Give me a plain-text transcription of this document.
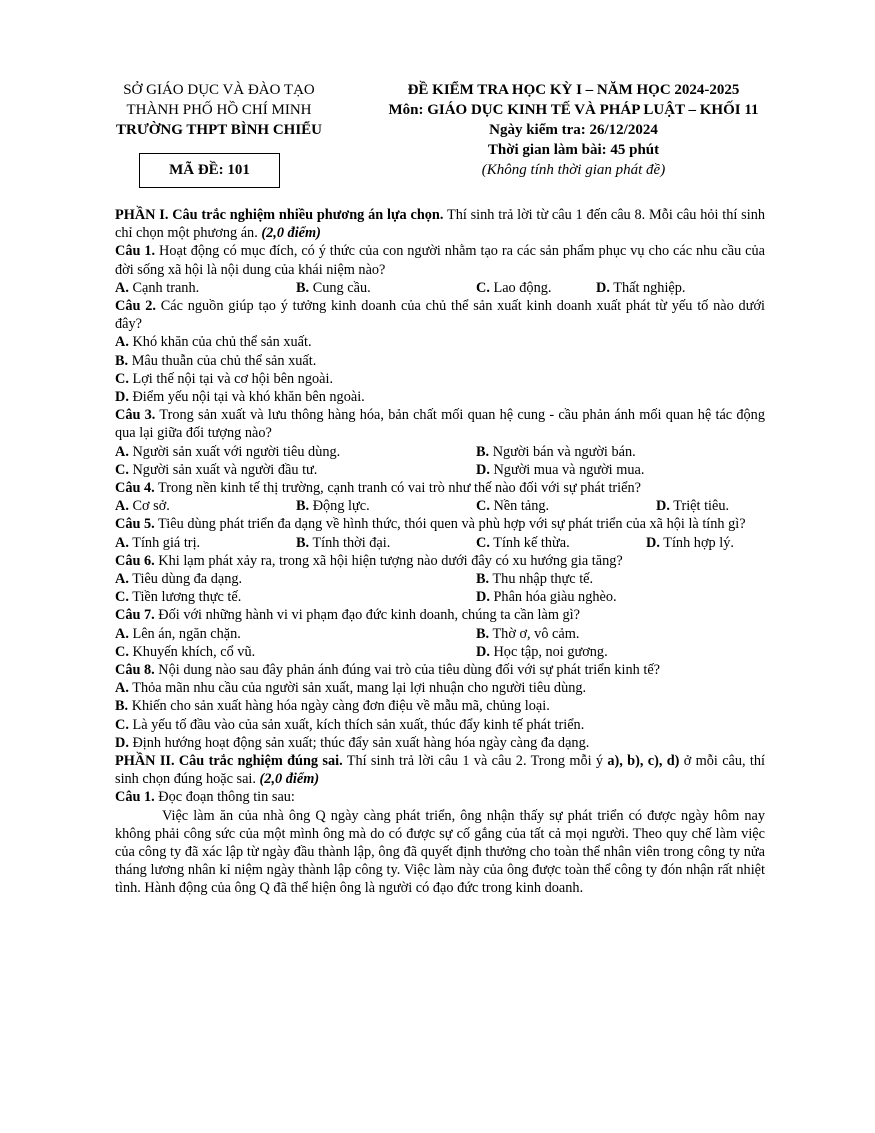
SỞ GIÁO DỤC VÀ ĐÀO TẠO
THÀNH PHỐ HỒ CHÍ MINH
TRƯỜNG THPT BÌNH CHIỂU
MÃ ĐỀ: 101
ĐỀ KIỂM TRA HỌC KỲ I – NĂM HỌC 2024-2025
Môn: GIÁO DỤC KINH TẾ VÀ PHÁP LUẬT – KHỐI 11
Ngày kiểm tra: 26/12/2024
Thời gian làm bài: 45 phút
(Không tính thời gian phát đề)

PHẦN I. Câu trắc nghiệm nhiều phương án lựa chọn. Thí sinh trả lời từ câu 1 đến câu 8. Mỗi câu hỏi thí sinh chỉ chọn một phương án. (2,0 điểm)

Câu 1. Hoạt động có mục đích, có ý thức của con người nhằm tạo ra các sản phẩm phục vụ cho các nhu cầu của đời sống xã hội là nội dung của khái niệm nào?

A. Cạnh tranh.	B. Cung cầu.	C. Lao động.	D. Thất nghiệp.

Câu 2. Các nguồn giúp tạo ý tưởng kinh doanh của chủ thể sản xuất kinh doanh xuất phát từ yếu tố nào dưới đây?

A. Khó khăn của chủ thể sản xuất.

B. Mâu thuẫn của chủ thể sản xuất.

C. Lợi thế nội tại và cơ hội bên ngoài.

D. Điểm yếu nội tại và khó khăn bên ngoài.

Câu 3. Trong sản xuất và lưu thông hàng hóa, bản chất mối quan hệ cung - cầu phản ánh mối quan hệ tác động qua lại giữa đối tượng nào?

A. Người sản xuất với người tiêu dùng.	B. Người bán và người bán.
C. Người sản xuất và người đầu tư.	D. Người mua và người mua.

Câu 4. Trong nền kinh tế thị trường, cạnh tranh có vai trò như thế nào đối với sự phát triển?

A. Cơ sở.	B. Động lực.	C. Nền tảng.	D. Triệt tiêu.

Câu 5. Tiêu dùng phát triển đa dạng về hình thức, thói quen và phù hợp với sự phát triển của xã hội là tính gì?

A. Tính giá trị.	B. Tính thời đại.	C. Tính kế thừa.	D. Tính hợp lý.

Câu 6. Khi lạm phát xảy ra, trong xã hội hiện tượng nào dưới đây có xu hướng gia tăng?

A. Tiêu dùng đa dạng.	B. Thu nhập thực tế.
C. Tiền lương thực tế.	D. Phân hóa giàu nghèo.

Câu 7. Đối với những hành vi vi phạm đạo đức kinh doanh, chúng ta cần làm gì?

A. Lên án, ngăn chặn.	B. Thờ ơ, vô cảm.
C. Khuyến khích, cổ vũ.	D. Học tập, noi gương.

Câu 8. Nội dung nào sau đây phản ánh đúng vai trò của tiêu dùng đối với sự phát triển kinh tế?

A. Thỏa mãn nhu cầu của người sản xuất, mang lại lợi nhuận cho người tiêu dùng.

B. Khiến cho sản xuất hàng hóa ngày càng đơn điệu về mẫu mã, chủng loại.

C. Là yếu tố đầu vào của sản xuất, kích thích sản xuất, thúc đẩy kinh tế phát triển.

D. Định hướng hoạt động sản xuất; thúc đẩy sản xuất hàng hóa ngày càng đa dạng.

PHẦN II. Câu trắc nghiệm đúng sai. Thí sinh trả lời câu 1 và câu 2. Trong mỗi ý a), b), c), d) ở mỗi câu, thí sinh chọn đúng hoặc sai. (2,0 điểm)

Câu 1. Đọc đoạn thông tin sau:

Việc làm ăn của nhà ông Q ngày càng phát triển, ông nhận thấy sự phát triển có được ngày hôm nay không phải công sức của một mình ông mà do có được sự cố gắng của tất cả mọi người. Theo quy chế làm việc của công ty đã xác lập từ ngày đầu thành lập, ông đã quyết định thưởng cho toàn thể nhân viên trong công ty nửa tháng lương nhân kỉ niệm ngày thành lập công ty. Việc làm này của ông được toàn thể công ty đón nhận rất nhiệt tình. Hành động của ông Q đã thể hiện ông là người có đạo đức trong kinh doanh.
